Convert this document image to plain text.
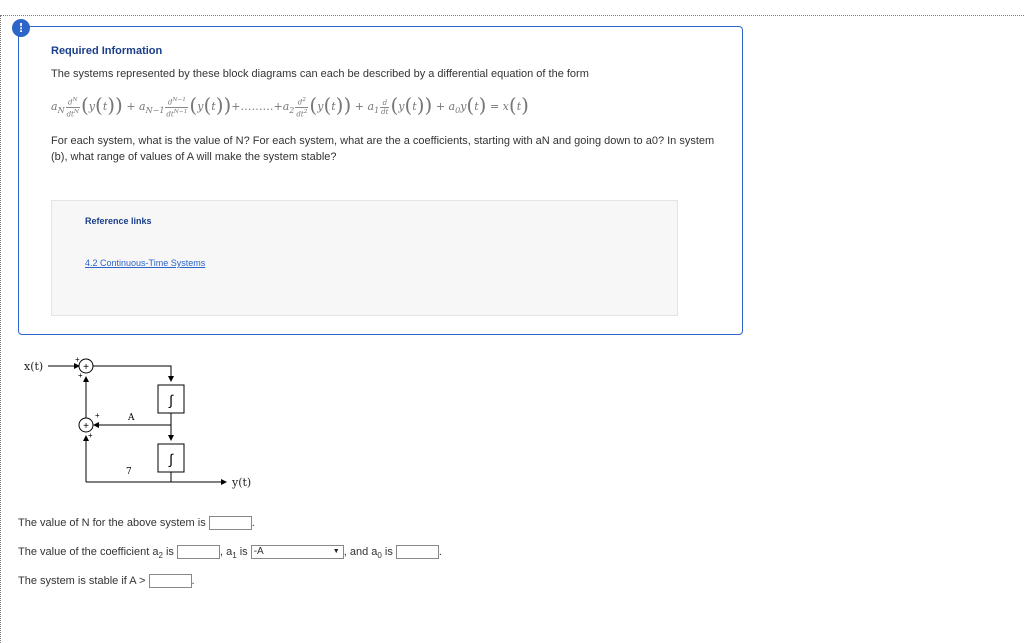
!
Required Information
The systems represented by these block diagrams can each be described by a differential equation of the form
$a_N \frac{d^N}{dt^N} (y(t)) + a_{N-1} \frac{d^{N-1}}{dt^{N-1}}$ $(y(t))+\dots\dots\dots+a_2 \frac{d^2}{dt^2} (y(t)) + a_1 \frac{d}{dt} (y(t)) + a_0y(t) = x(t)$
For each system, what is the value of N? For each system, what are the a coefficients, starting with aN and going down to a0? In system (b), what range of values of A will make the system stable?
Reference links
4.2 Continuous-Time Systems
x(t)	+
+
+
∫
A
+
+
+
∫
7
y(t)
The value of N for the above system is	.
The value of the coefficient $a_2$ is	, $a_1$ is -A	▼ , and $a_0$ is	.
The system is stable if A >	.
